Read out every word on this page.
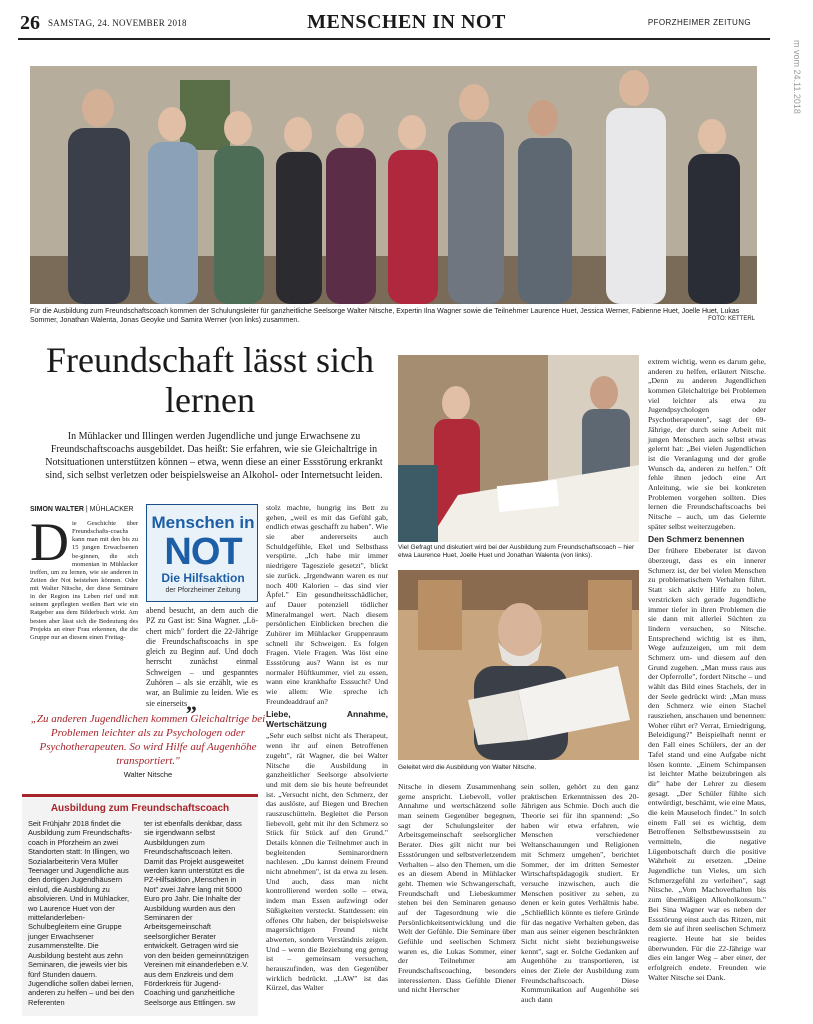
26 SAMSTAG, 24. NOVEMBER 2018	MENSCHEN IN NOT	PFORZHEIMER ZEITUNG
m vom 24.11.2018
Für die Ausbildung zum Freundschaftscoach kommen der Schulungsleiter für ganzheitliche Seelsorge Walter Nitsche, Expertin Ilna Wagner sowie die Teilnehmer Laurence Huet, Jessica Werner, Fabienne Huet, Joelle Huet, Lukas Sommer, Jonathan Walenta, Jonas Geoyke und Samira Werner (von links) zusammen.	FOTO: KETTERL
Freundschaft lässt sich lernen
In Mühlacker und Illingen werden Jugendliche und junge Erwachsene zu Freundschaftscoachs ausgebildet. Das heißt: Sie erfahren, wie sie Gleichaltrige in Notsituationen unterstützen können – etwa, wenn diese an einer Essstörung erkrankt sind, sich selbst verletzen oder beispielsweise an Alkohol- oder Internetsucht leiden.
SIMON WALTER | MÜHLACKER
D ie Geschichte über Freundschafts-coachs kann man mit den bis zu 15 jungen Erwachsenen be-ginnen, die sich momentan in Mühlacker treffen, um zu lernen, wie sie anderen in Zeiten der Not beistehen können. Oder mit Walter Nitsche, der diese Seminare in der Region ins Leben rief und mit seinem gepflegten weißen Bart wie ein Ratgeber aus dem Bilderbuch wirkt. Am besten aber lässt sich die Bedeutung des Projekts an einer Frau erkennen, die die Gruppe nur an diesem einen Freitag-

Menschen in
NOT
Die Hilfsaktion
der Pforzheimer Zeitung

abend besucht, an dem auch die PZ zu Gast ist: Sina Wagner. „Lö-chert mich" fordert die 22-Jährige die Freundschaftscoachs in spe gleich zu Beginn auf. Und doch herrscht zunächst einmal Schweigen – und gespanntes Zuhören – als sie erzählt, wie es war, an Bulimie zu leiden. Wie es sie einerseits

stolz machte, hungrig ins Bett zu gehen, „weil es mit das Gefühl gab, endlich etwas geschafft zu haben". Wie sie aber andererseits auch Schuldgefühle, Ekel und Selbsthass verspürte. „Ich habe mir immer niedrigere Tagesziele gesetzt", blickt sie zurück. „Irgendwann waren es nur noch 400 Kalorien – das sind vier Äpfel." Ein gesundheitsschädlicher, auf Dauer potenziell tödlicher Mineralmangel wert. Nach diesem persönlichen Einblicken brechen die Zuhörer im Mühlacker Gruppenraum schnell ihr Schweigen. Es folgen Fragen. Viele Fragen. Was löst eine Essstörung aus? Wann ist es nur normaler Hüftkummer, viel zu essen, wann eine krankhafte Esssucht? Und wie allem: Wie spreche ich Freundeaddrauf an?

Liebe, Annahme, Wertschätzung

„Sehr euch selbst nicht als Therapeut, wenn ihr auf einen Betroffenen zugeht", rät Wagner, die bei Walter Nitsche die Ausbildung in ganzheitlicher Seelsorge absolvierte und mit dem sie bis heute befreundet ist. „Versucht nicht, den Schmerz, der das auslöste, auf Biegen und Brechen rauszuschütteln. Begleitet die Person liebevoll, geht mit ihr den Schmerz so Stück für Stück auf den Grund." Details können die Teilnehmer auch in begleitenden Seminarordnern nachlesen. „Du kannst deinem Freund nicht abnehmen", ist da etwa zu lesen. Und auch, dass man nicht kontrollierend werden solle – etwa, indem man Essen aufzwingt oder Süßigkeiten versteckt. Stattdessen: ein offenes Ohr haben, der beispielsweise magersüchtigen Freund nicht abwerten, sondern Verständnis zeigen. Und – wenn die Beziehung eng genug ist – gemeinsam versuchen, herauszufinden, was den Gegenüber wirklich bedrückt. „LAW" ist das Kürzel, das Walter

„
„Zu anderen Jugendlichen kommen Gleichaltrige bei Problemen leichter als zu Psychologen oder Psychotherapeuten. So wird Hilfe auf Augenhöhe transportiert."
Walter Nitsche
Ausbildung zum Freundschaftscoach
Seit Frühjahr 2018 findet die Ausbildung zum Freundschafts-coach in Pforzheim an zwei Standorten statt: In Illingen, wo Sozialarbeiterin Vera Müller Teenager und Jugendliche aus den dortigen Jugendhäusern einlud, die Ausbildung zu absolvieren. Und in Mühlacker, wo Laurence Huet von der mittelanderleben-Schulbegleitern eine Gruppe junger Erwachsener zusammenstellte. Die Ausbildung besteht aus zehn Seminaren, die jeweils vier bis fünf Stunden dauern. Jugendliche sollen dabei lernen, anderen zu helfen – und bei den Referenten
ter ist ebenfalls denkbar, dass sie irgendwann selbst Ausbildungen zum Freundschaftscoach leiten. Damit das Projekt ausgeweitet werden kann unterstützt es die PZ-Hilfsaktion „Menschen in Not" zwei Jahre lang mit 5000 Euro pro Jahr. Die Inhalte der Ausbildung wurden aus den Seminaren der Arbeitsgemeinschaft seelsorglicher Berater entwickelt. Getragen wird sie von den beiden gemeinnützigen Vereinen mit einanderleben e.V. aus dem Enzkreis und dem Förderkreis für Jugend-Coaching und ganzheitliche Seelsorge aus Ettlingen. sw
Viel Gefragt und diskutiert wird bei der Ausbildung zum Freundschaftscoach – hier etwa Laurence Huet, Joelle Huet und Jonathan Walenta (von links).
Geleitet wird die Ausbildung von Walter Nitsche.

Nitsche in diesem Zusammenhang gerne anspricht. Liebevoll, voller Annahme und wertschätzend solle man seinem Gegenüber begegnen, sagt der Schulungsleiter der Arbeitsgemeinschaft seelsorglicher Berater. Dies gilt nicht nur bei Essstörungen und selbstverletzendem Verhalten – also den Themen, um die es an diesem Abend in Mühlacker geht. Themen wie Schwangerschaft, Freundschaft und Liebeskummer stehen bei den Seminaren genauso auf der Tagesordnung wie die Persönlichkeitsentwicklung und die Welt der Gefühle. Die Seminare über Gefühle und seelischen Schmerz waren es, die Lukas Sommer, einer der Teilnehmer am Freundschaftscoaching, besonders interessierten. Dass Gefühle Diener und nicht Herrscher

sein sollen, gehört zu den ganz praktischen Erkenntnissen des 20-Jährigen aus Schmie. Doch auch die Theorie sei für ihn spannend: „So haben wir etwa erfahren, wie Menschen verschiedener Weltanschauungen und Religionen mit Schmerz umgehen", berichtet Sommer, der im dritten Semester Wirtschaftspädagogik studiert. Er versuche inzwischen, auch die Menschen positiver zu sehen, zu denen er kein gutes Verhältnis habe. „Schließlich könnte es tiefere Gründe für das negative Verhalten geben, das man aus seiner eigenen beschränkten Sicht nicht sieht beziehungsweise kennt", sagt er. Solche Gedanken auf Augenhöhe zu transportieren, ist eines der Ziele der Ausbildung zum Freundschaftscoach. Diese Kommunikation auf Augenhöhe sei auch dann

extrem wichtig, wenn es darum gehe, anderen zu helfen, erläutert Nitsche. „Denn zu anderen Jugendlichen kommen Gleichaltrige bei Problemen viel leichter als etwa zu Jugendpsychologen oder Psychotherapeuten", sagt der 69-Jährige, der durch seine Arbeit mit jungen Menschen auch selbst etwas gelernt hat: „Bei vielen Jugendlichen ist die Veranlagung und der große Wunsch da, anderen zu helfen." Oft fehle ihnen jedoch eine Art Anleitung, wie sie bei konkreten Problemen vorgehen sollten. Dies lernen die Freundschaftscoachs bei Nitsche – auch, um das Gelernte später selbst weiterzugeben.

Den Schmerz benennen

Der frühere Ebeberater ist davon überzeugt, dass es ein innerer Schmerz ist, der bei vielen Menschen zu problematischem Verhalten führt. Statt sich aktiv Hilfe zu holen, verstricken sich gerade Jugendliche immer tiefer in ihren Problemen die sie dann mit allerlei Süchten zu lindern versuchen, so Nitsche. Entsprechend wichtig ist es ihm, Wege aufzuzeigen, um mit dem Schmerz um- und diesem auf den Grund zugehen. „Man muss raus aus der Opferrolle", fordert Nitsche – und wählt das Bild eines Stachels, der in der Seele gedrückt wird: „Man muss den Schmerz wie einen Stachel rausziehen, anschauen und benennen: Woher rührt er? Verrat, Erniedrigung, Beleidigung?" Beispielhaft nennt er den Fall eines Schülers, der an der Tafel stand und eine Aufgabe nicht lösen konnte. „Einem Schimpansen ist leichter Mathe beizubringen als dir" habe der Lehrer zu diesem gesagt. „Der Schüler fühlte sich entwürdigt, beschämt, wie eine Maus, die kein Mauseloch findet." In solch einem Fall sei es wichtig, dem Betroffenen Selbstbewusstsein zu vermitteln, die negative Lügenbotschaft durch die positive Wahrheit zu ersetzen. „Deine Jugendliche tun Vieles, um sich Schmerzgefühl zu verleihen", sagt Nitsche. „Vom Machoverhalten bis zum übermäßigen Alkoholkonsum." Bei Sina Wagner war es neben der Essstörung einst auch das Ritzen, mit dem sie auf ihren seelischen Schmerz reagierte. Heute hat sie beides überwunden. Für die 22-Jährige war dies ein langer Weg – aber einer, der erfolgreich endete. Freunden wie Walter Nitsche sei Dank.
